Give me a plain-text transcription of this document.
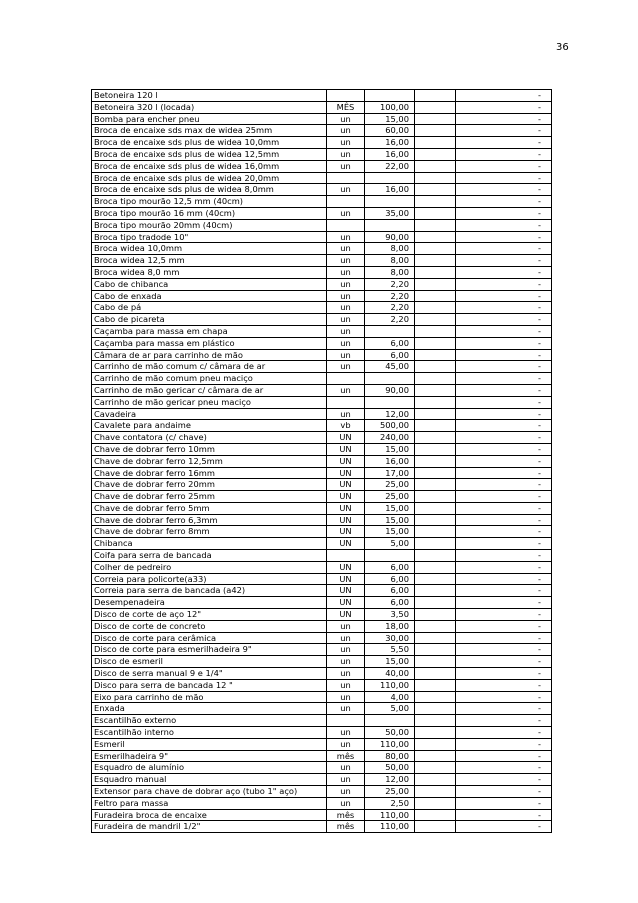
36
Betoneira 120 l				-
Betoneira 320 l (locada)	MÊS	100,00		-
Bomba para encher pneu	un	15,00		-
Broca de encaixe sds max de widea 25mm	un	60,00		-
Broca de encaixe sds plus de widea 10,0mm	un	16,00		-
Broca de encaixe sds plus de widea 12,5mm	un	16,00		-
Broca de encaixe sds plus de widea 16,0mm	un	22,00		-
Broca de encaixe sds plus de widea 20,0mm				-
Broca de encaixe sds plus de widea 8,0mm	un	16,00		-
Broca tipo mourão 12,5 mm (40cm)				-
Broca tipo mourão 16 mm (40cm)	un	35,00		-
Broca tipo mourão 20mm (40cm)				-
Broca tipo tradode 10"	un	90,00		-
Broca widea 10,0mm	un	8,00		-
Broca widea 12,5 mm	un	8,00		-
Broca widea 8,0 mm	un	8,00		-
Cabo de chibanca	un	2,20		-
Cabo de enxada	un	2,20		-
Cabo de pá	un	2,20		-
Cabo de picareta	un	2,20		-
Caçamba para massa em chapa	un			-
Caçamba para massa em plástico	un	6,00		-
Câmara de ar para carrinho de mão	un	6,00		-
Carrinho de mão comum c/ câmara de ar	un	45,00		-
Carrinho de mão comum pneu maciço				-
Carrinho de mão gericar c/ câmara de ar	un	90,00		-
Carrinho de mão gericar pneu maciço				-
Cavadeira	un	12,00		-
Cavalete para andaime	vb	500,00		-
Chave contatora (c/ chave)	UN	240,00		-
Chave de dobrar ferro 10mm	UN	15,00		-
Chave de dobrar ferro 12,5mm	UN	16,00		-
Chave de dobrar ferro 16mm	UN	17,00		-
Chave de dobrar ferro 20mm	UN	25,00		-
Chave de dobrar ferro 25mm	UN	25,00		-
Chave de dobrar ferro 5mm	UN	15,00		-
Chave de dobrar ferro 6,3mm	UN	15,00		-
Chave de dobrar ferro 8mm	UN	15,00		-
Chibanca	UN	5,00		-
Coifa para serra de bancada				-
Colher de pedreiro	UN	6,00		-
Correia para policorte(a33)	UN	6,00		-
Correia para serra de bancada (a42)	UN	6,00		-
Desempenadeira	UN	6,00		-
Disco de corte de aço 12"	UN	3,50		-
Disco de corte de concreto	un	18,00		-
Disco de corte para cerâmica	un	30,00		-
Disco de corte para esmerilhadeira 9"	un	5,50		-
Disco de esmeril	un	15,00		-
Disco de serra manual 9 e 1/4"	un	40,00		-
Disco para serra de bancada 12 "	un	110,00		-
Eixo para carrinho de mão	un	4,00		-
Enxada	un	5,00		-
Escantilhão externo				-
Escantilhão interno	un	50,00		-
Esmeril	un	110,00		-
Esmerilhadeira 9"	mês	80,00		-
Esquadro de alumínio	un	50,00		-
Esquadro manual	un	12,00		-
Extensor para chave de dobrar aço (tubo 1" aço)	un	25,00		-
Feltro para massa	un	2,50		-
Furadeira broca de encaixe	mês	110,00		-
Furadeira de mandril 1/2"	mês	110,00		-
